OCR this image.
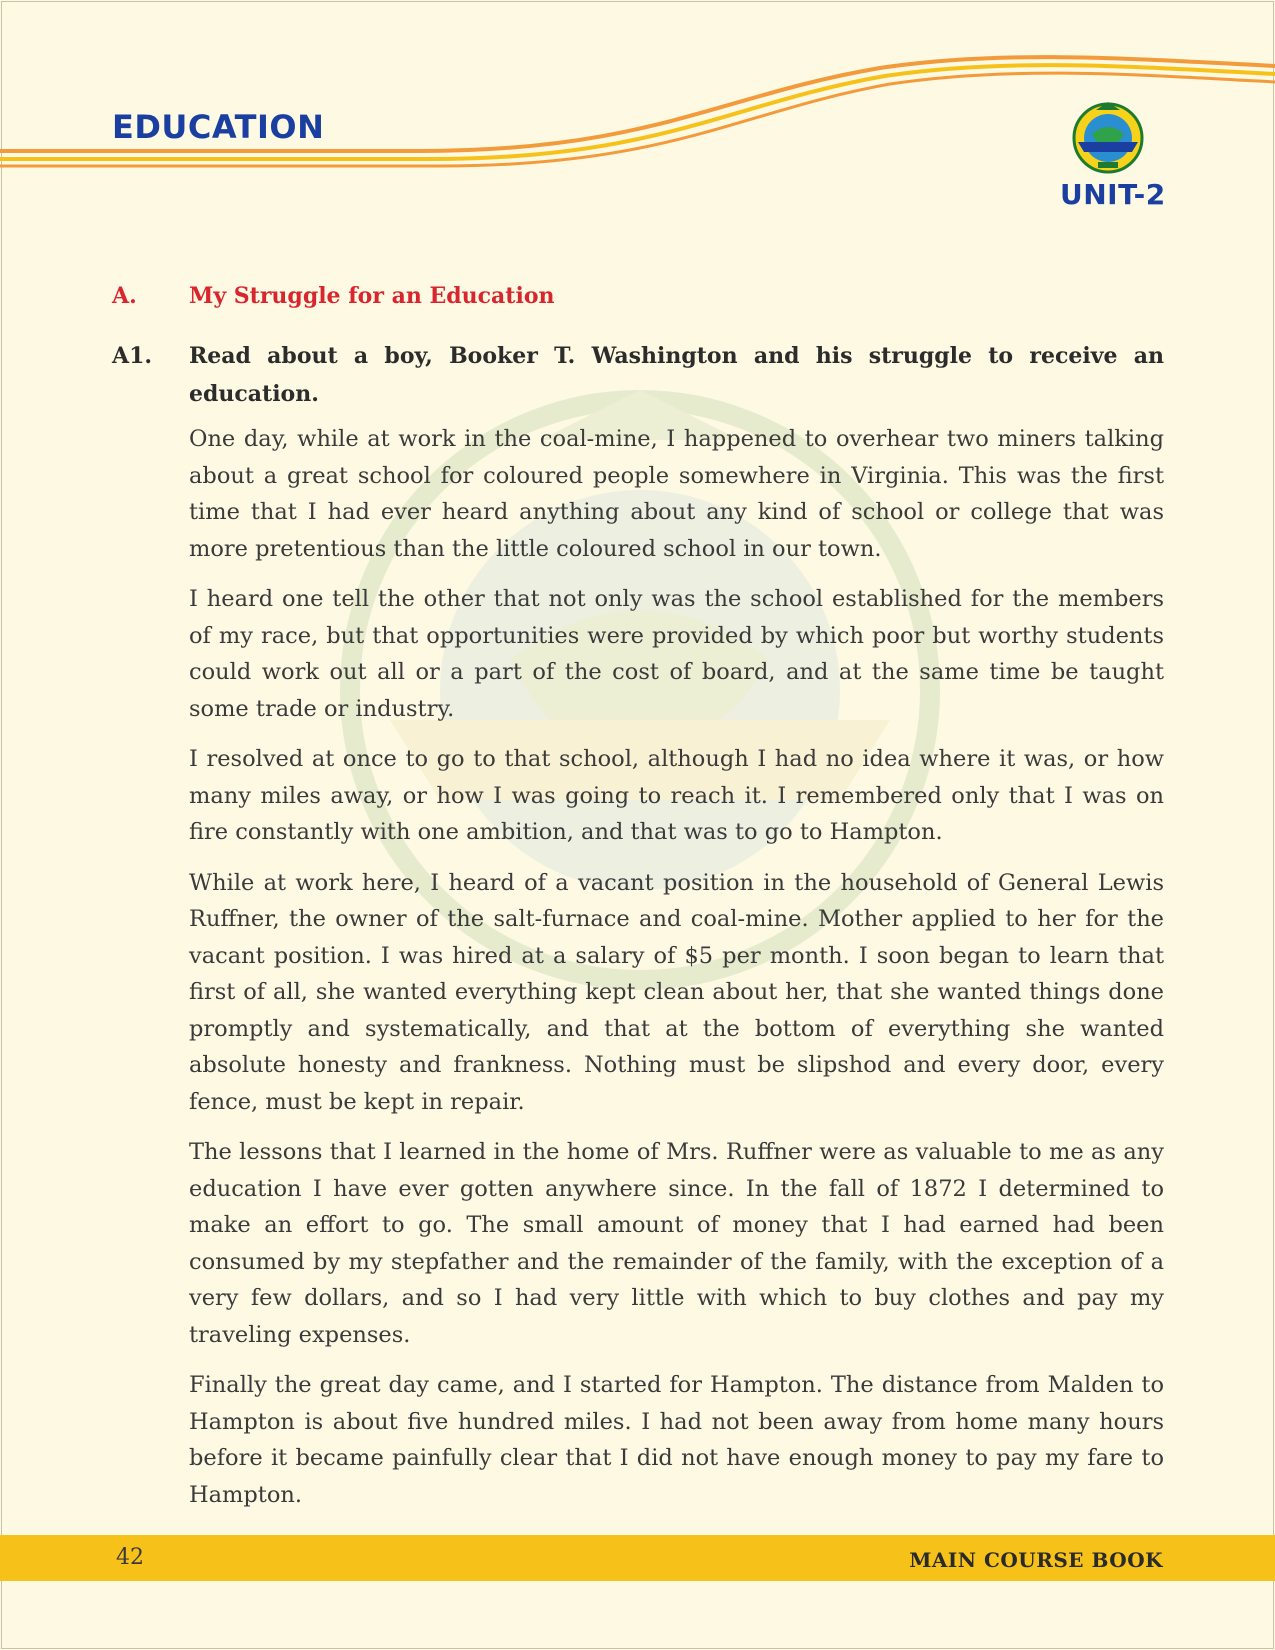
EDUCATION
UNIT-2
A. My Struggle for an Education
A1. Read about a boy, Booker T. Washington and his struggle to receive an education.

One day, while at work in the coal-mine, I happened to overhear two miners talking about a great school for coloured people somewhere in Virginia. This was the first time that I had ever heard anything about any kind of school or college that was more pretentious than the little coloured school in our town.

I heard one tell the other that not only was the school established for the members of my race, but that opportunities were provided by which poor but worthy students could work out all or a part of the cost of board, and at the same time be taught some trade or industry.

I resolved at once to go to that school, although I had no idea where it was, or how many miles away, or how I was going to reach it. I remembered only that I was on fire constantly with one ambition, and that was to go to Hampton.

While at work here, I heard of a vacant position in the household of General Lewis Ruffner, the owner of the salt-furnace and coal-mine. Mother applied to her for the vacant position. I was hired at a salary of $5 per month. I soon began to learn that first of all, she wanted everything kept clean about her, that she wanted things done promptly and systematically, and that at the bottom of everything she wanted absolute honesty and frankness. Nothing must be slipshod and every door, every fence, must be kept in repair.

The lessons that I learned in the home of Mrs. Ruffner were as valuable to me as any education I have ever gotten anywhere since. In the fall of 1872 I determined to make an effort to go. The small amount of money that I had earned had been consumed by my stepfather and the remainder of the family, with the exception of a very few dollars, and so I had very little with which to buy clothes and pay my traveling expenses.

Finally the great day came, and I started for Hampton. The distance from Malden to Hampton is about five hundred miles. I had not been away from home many hours before it became painfully clear that I did not have enough money to pay my fare to Hampton.

42	MAIN COURSE BOOK
